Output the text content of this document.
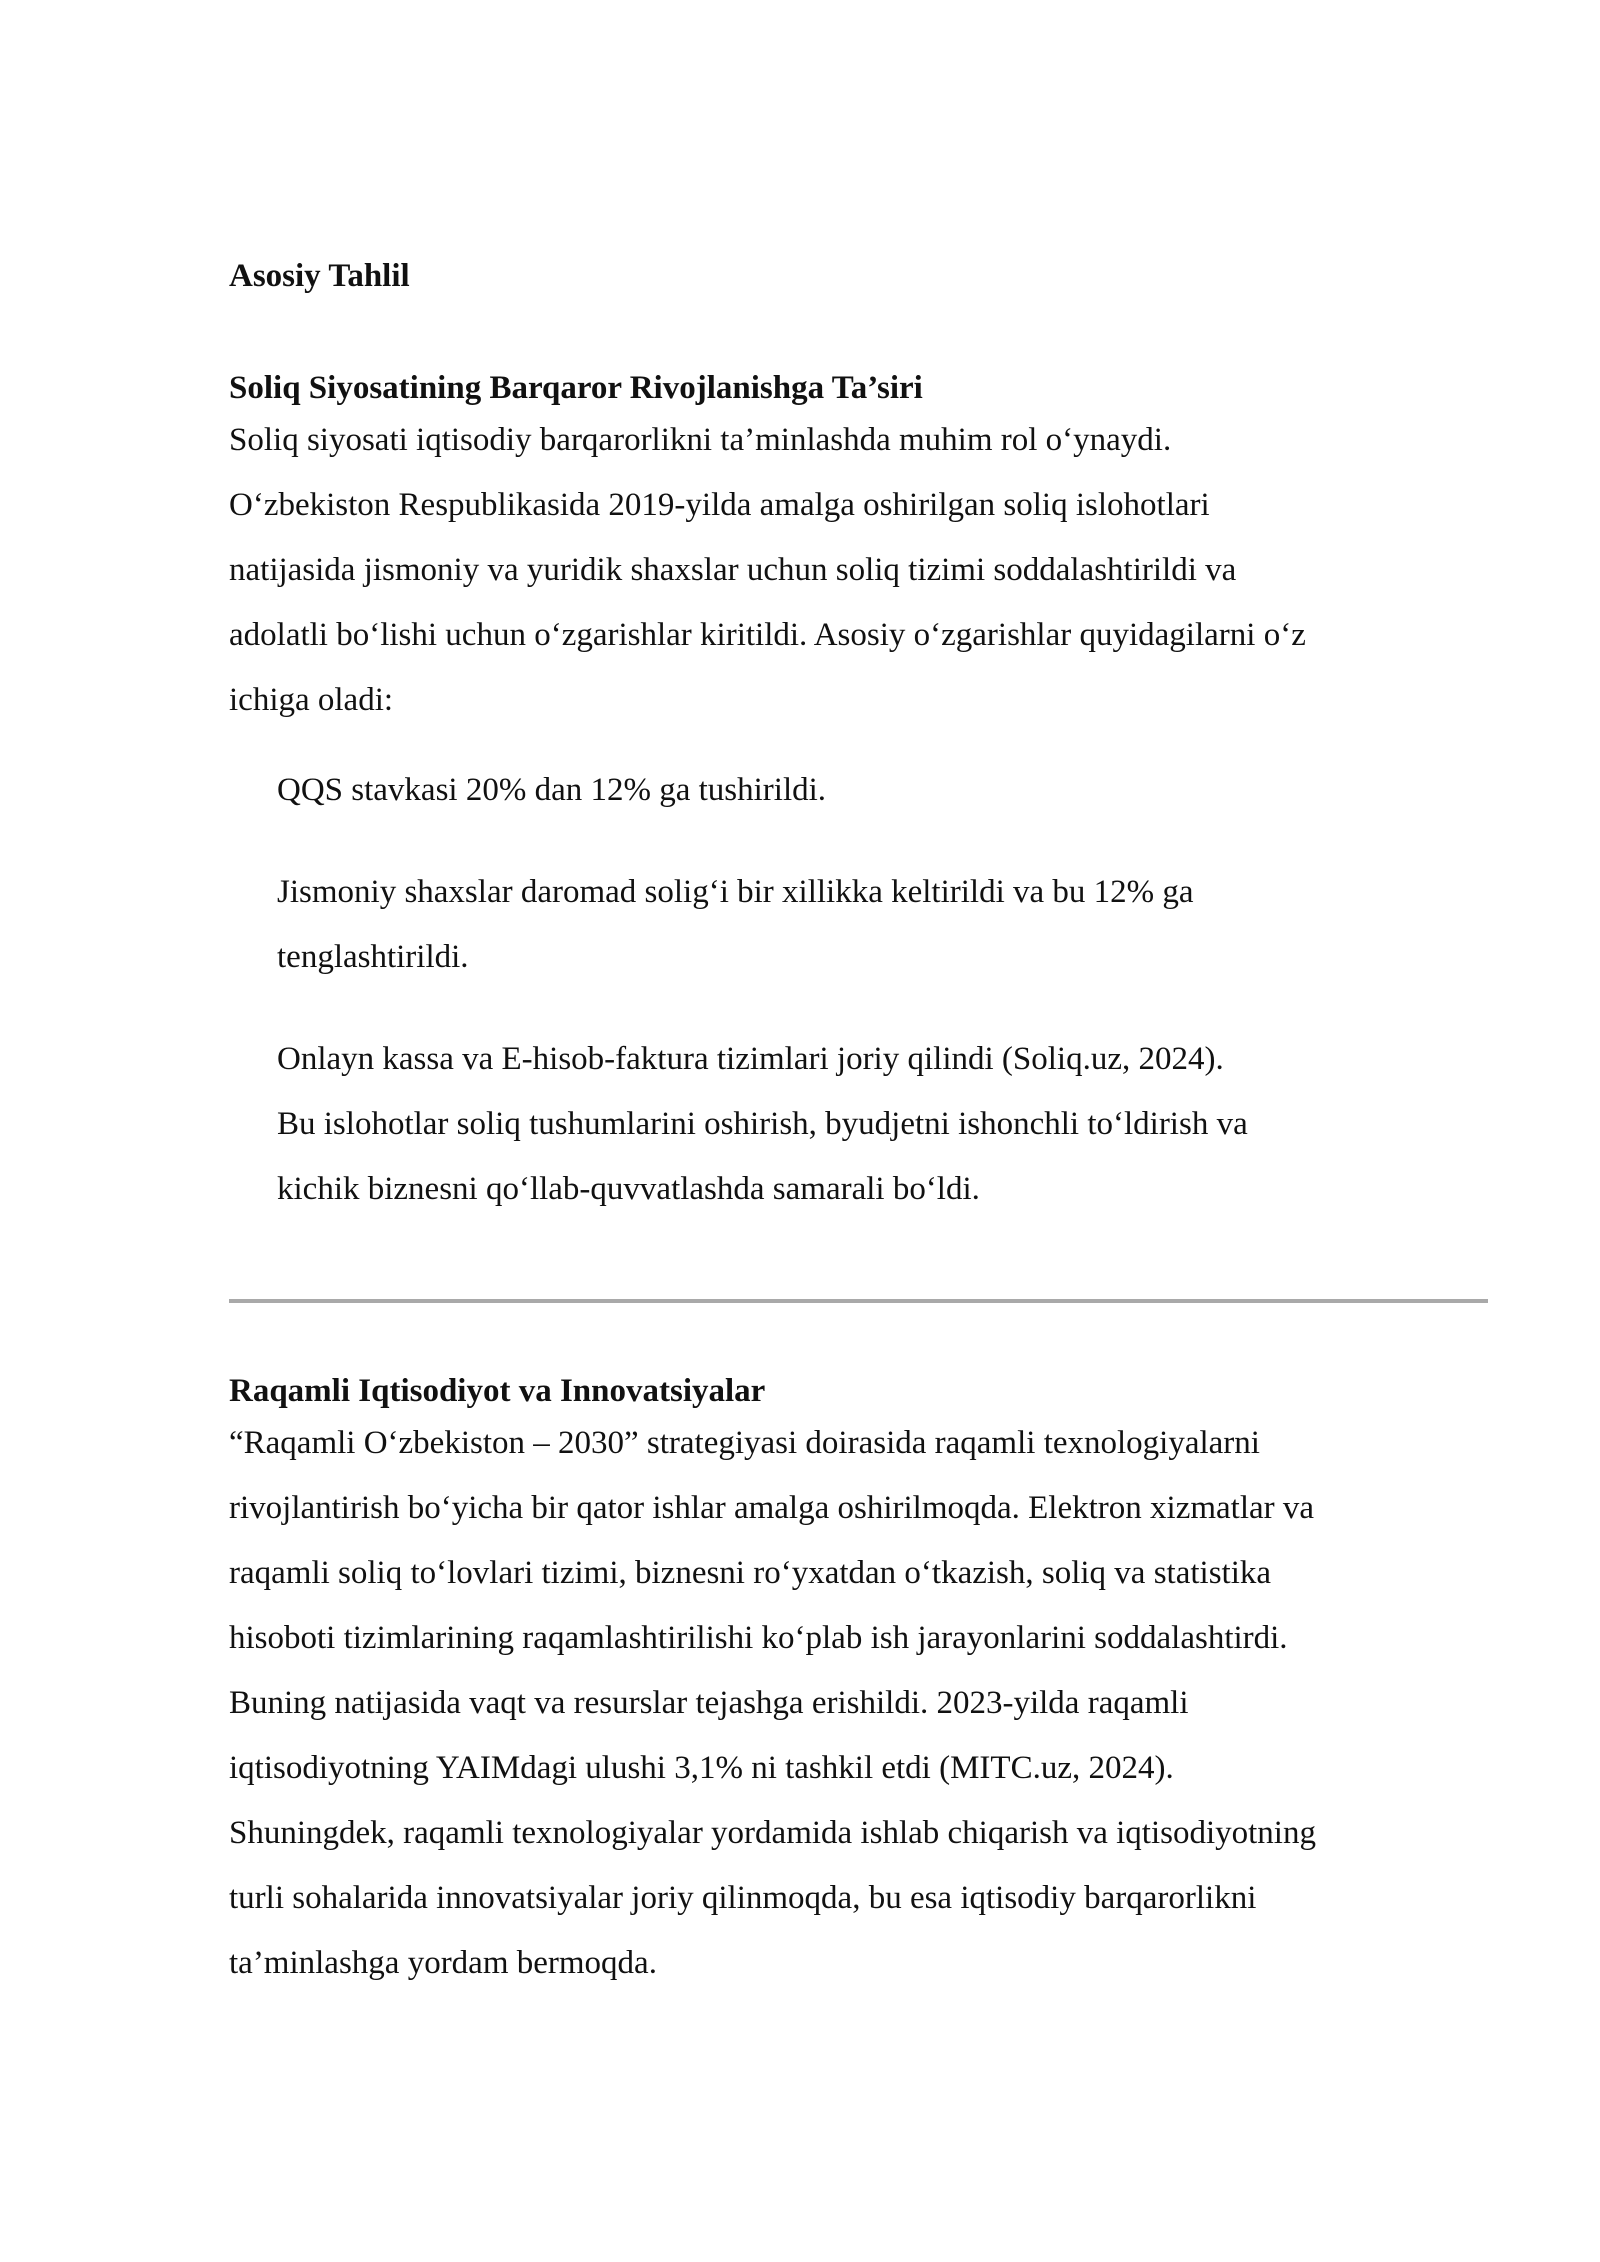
Asosiy Tahlil
Soliq Siyosatining Barqaror Rivojlanishga Ta’siri

Soliq siyosati iqtisodiy barqarorlikni ta’minlashda muhim rol o‘ynaydi.
O‘zbekiston Respublikasida 2019-yilda amalga oshirilgan soliq islohotlari
natijasida jismoniy va yuridik shaxslar uchun soliq tizimi soddalashtirildi va
adolatli bo‘lishi uchun o‘zgarishlar kiritildi. Asosiy o‘zgarishlar quyidagilarni o‘z
ichiga oladi:

QQS stavkasi 20% dan 12% ga tushirildi.
Jismoniy shaxslar daromad solig‘i bir xillikka keltirildi va bu 12% ga
tenglashtirildi.
Onlayn kassa va E-hisob-faktura tizimlari joriy qilindi (Soliq.uz, 2024).

Bu islohotlar soliq tushumlarini oshirish, byudjetni ishonchli to‘ldirish va
kichik biznesni qo‘llab-quvvatlashda samarali bo‘ldi.

Raqamli Iqtisodiyot va Innovatsiyalar

“Raqamli O‘zbekiston – 2030” strategiyasi doirasida raqamli texnologiyalarni
rivojlantirish bo‘yicha bir qator ishlar amalga oshirilmoqda. Elektron xizmatlar va
raqamli soliq to‘lovlari tizimi, biznesni ro‘yxatdan o‘tkazish, soliq va statistika
hisoboti tizimlarining raqamlashtirilishi ko‘plab ish jarayonlarini soddalashtirdi.
Buning natijasida vaqt va resurslar tejashga erishildi. 2023-yilda raqamli
iqtisodiyotning YAIMdagi ulushi 3,1% ni tashkil etdi (MITC.uz, 2024).
Shuningdek, raqamli texnologiyalar yordamida ishlab chiqarish va iqtisodiyotning
turli sohalarida innovatsiyalar joriy qilinmoqda, bu esa iqtisodiy barqarorlikni
ta’minlashga yordam bermoqda.
